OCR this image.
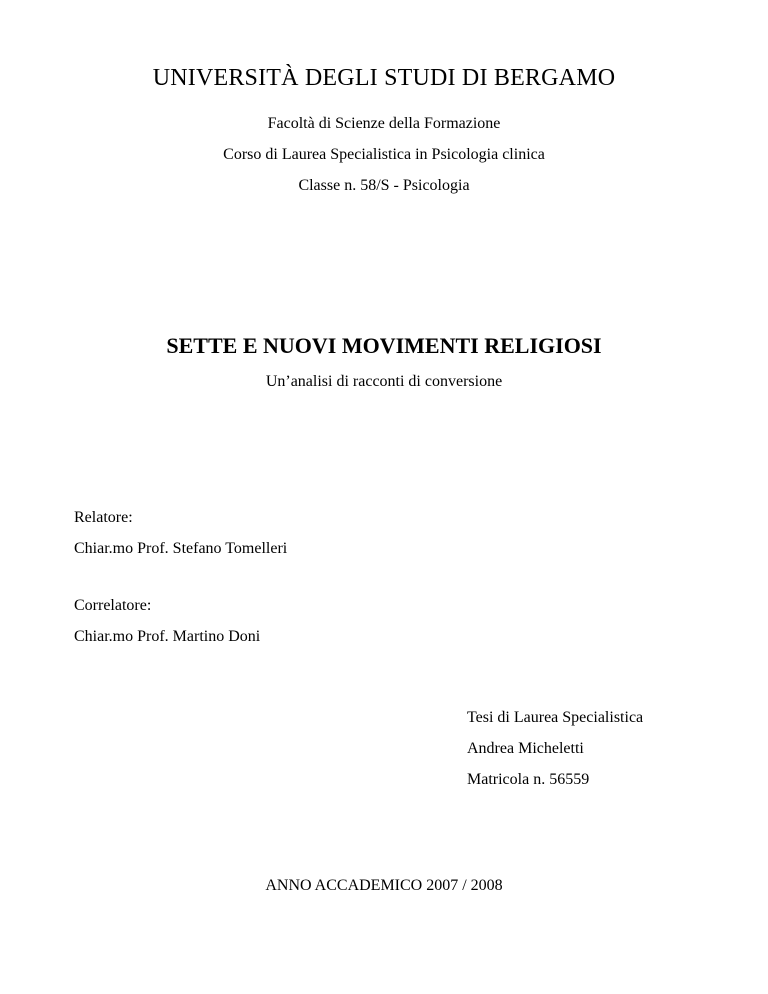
UNIVERSITÀ DEGLI STUDI DI BERGAMO
Facoltà di Scienze della Formazione
Corso di Laurea Specialistica in Psicologia clinica
Classe n. 58/S - Psicologia
SETTE E NUOVI MOVIMENTI RELIGIOSI
Un’analisi di racconti di conversione
Relatore:
Chiar.mo Prof. Stefano Tomelleri
Correlatore:
Chiar.mo Prof. Martino Doni
Tesi di Laurea Specialistica
Andrea Micheletti
Matricola n. 56559
ANNO ACCADEMICO 2007 / 2008
